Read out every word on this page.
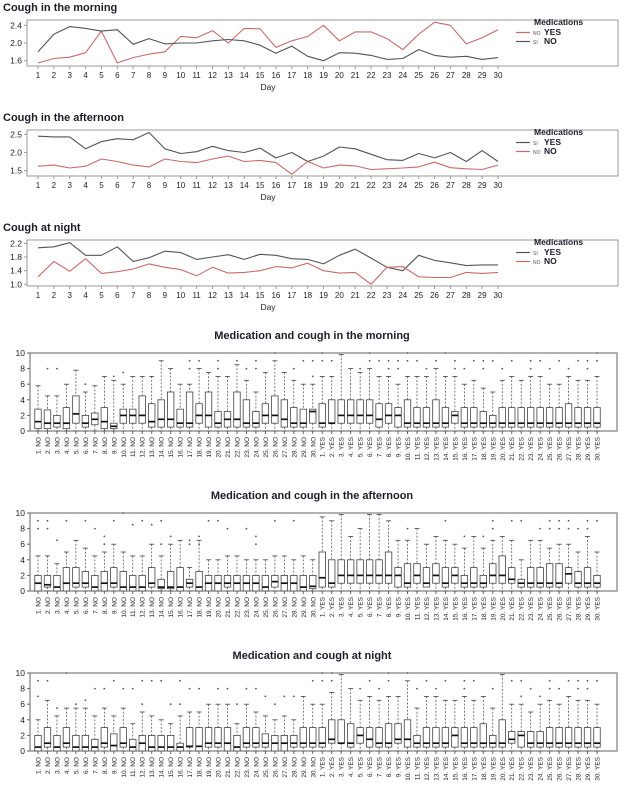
Cough in the morning
1.6
2.0
2.4
1 2 3 4 5 6 7 8 9 10 11 12 13 14 15 16 17 18 19 20 21 22 23 24 25 26 27 28 29 30
Day
Medications
NO YES
SI NO
Cough in the afternoon
1.5
2.0
2.5
1 2 3 4 5 6 7 8 9 10 11 12 13 14 15 16 17 18 19 20 21 22 23 24 25 26 27 28 29 30
Day
Medications
SI YES
NO NO
Cough at night
1.0
1.4
1.8
2.2
1 2 3 4 5 6 7 8 9 10 11 12 13 14 15 16 17 18 19 20 21 22 23 24 25 26 27 28 29 30
Day
Medications
SI YES
NO NO
Medication and cough in the morning
0
2
4
6
8
10
1. NO 2. NO 3. NO 4. NO 5. NO 6. NO 7. NO 8. NO 9. NO 10. NO 11. NO 12. NO 13. NO 14. NO 15. NO 16. NO 17. NO 18. NO 19. NO 20. NO 21. NO 22. NO 23. NO 24. NO 25. NO 26. NO 27. NO 28. NO 29. NO 30. NO 1. YES 2. YES 3. YES 4. YES 5. YES 6. YES 7. YES 8. YES 9. YES 10. YES 11. YES 12. YES 13. YES 14. YES 15. YES 16. YES 17. YES 18. YES 19. YES 20. YES 21. YES 22. YES 23. YES 24. YES 25. YES 26. YES 27. YES 28. YES 29. YES 30. YES
Medication and cough in the afternoon
0
2
4
6
8
10
1. NO 2. NO 3. NO 4. NO 5. NO 6. NO 7. NO 8. NO 9. NO 10. NO 11. NO 12. NO 13. NO 14. NO 15. NO 16. NO 17. NO 18. NO 19. NO 20. NO 21. NO 22. NO 23. NO 24. NO 25. NO 26. NO 27. NO 28. NO 29. NO 30. NO 1. YES 2. YES 3. YES 4. YES 5. YES 6. YES 7. YES 8. YES 9. YES 10. YES 11. YES 12. YES 13. YES 14. YES 15. YES 16. YES 17. YES 18. YES 19. YES 20. YES 21. YES 22. YES 23. YES 24. YES 25. YES 26. YES 27. YES 28. YES 29. YES 30. YES
Medication and cough at night
0
2
4
6
8
10
1. NO 2. NO 3. NO 4. NO 5. NO 6. NO 7. NO 8. NO 9. NO 10. NO 11. NO 12. NO 13. NO 14. NO 15. NO 16. NO 17. NO 18. NO 19. NO 20. NO 21. NO 22. NO 23. NO 24. NO 25. NO 26. NO 27. NO 28. NO 29. NO 30. NO 1. YES 2. YES 3. YES 4. YES 5. YES 6. YES 7. YES 8. YES 9. YES 10. YES 11. YES 12. YES 13. YES 14. YES 15. YES 16. YES 17. YES 18. YES 19. YES 20. YES 21. YES 22. YES 23. YES 24. YES 25. YES 26. YES 27. YES 28. YES 29. YES 30. YES
